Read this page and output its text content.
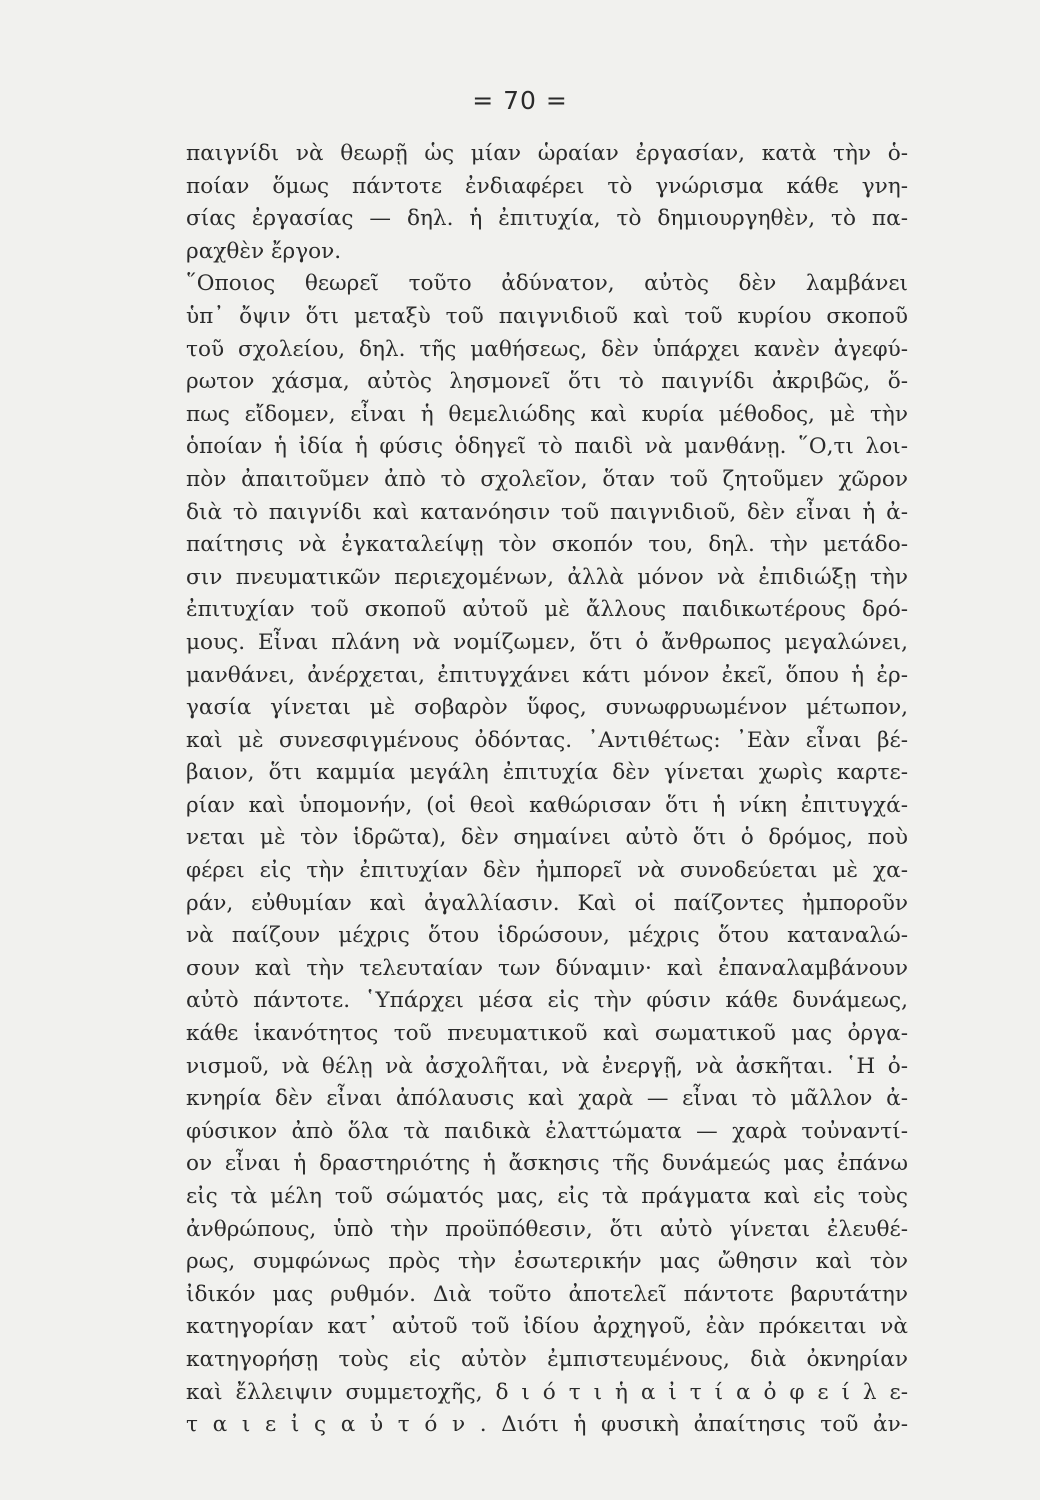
= 70 =
παιγνίδι νὰ θεωρῇ ὡς μίαν ὡραίαν ἐργασίαν, κατὰ τὴν ὁ-
ποίαν ὅμως πάντοτε ἐνδιαφέρει τὸ γνώρισμα κάθε γνη-
σίας ἐργασίας — δηλ. ἡ ἐπιτυχία, τὸ δημιουργηθὲν, τὸ πα-
ραχθὲν ἔργον.
῞Οποιος θεωρεῖ τοῦτο ἀδύνατον, αὐτὸς δὲν λαμβάνει
ὑπ᾿ ὄψιν ὅτι μεταξὺ τοῦ παιγνιδιοῦ καὶ τοῦ κυρίου σκοποῦ
τοῦ σχολείου, δηλ. τῆς μαθήσεως, δὲν ὑπάρχει κανὲν ἀγεφύ-
ρωτον χάσμα, αὐτὸς λησμονεῖ ὅτι τὸ παιγνίδι ἀκριβῶς, ὅ-
πως εἴδομεν, εἶναι ἡ θεμελιώδης καὶ κυρία μέθοδος, μὲ τὴν
ὁποίαν ἡ ἰδία ἡ φύσις ὁδηγεῖ τὸ παιδὶ νὰ μανθάνῃ. ῞Ο,τι λοι-
πὸν ἀπαιτοῦμεν ἀπὸ τὸ σχολεῖον, ὅταν τοῦ ζητοῦμεν χῶρον
διὰ τὸ παιγνίδι καὶ κατανόησιν τοῦ παιγνιδιοῦ, δὲν εἶναι ἡ ἀ-
παίτησις νὰ ἐγκαταλείψῃ τὸν σκοπόν του, δηλ. τὴν μετάδο-
σιν πνευματικῶν περιεχομένων, ἀλλὰ μόνον νὰ ἐπιδιώξῃ τὴν
ἐπιτυχίαν τοῦ σκοποῦ αὐτοῦ μὲ ἄλλους παιδικωτέρους δρό-
μους. Εἶναι πλάνη νὰ νομίζωμεν, ὅτι ὁ ἄνθρωπος μεγαλώνει,
μανθάνει, ἀνέρχεται, ἐπιτυγχάνει κάτι μόνον ἐκεῖ, ὅπου ἡ ἐρ-
γασία γίνεται μὲ σοβαρὸν ὕφος, συνωφρυωμένον μέτωπον,
καὶ μὲ συνεσφιγμένους ὀδόντας. ᾿Αντιθέτως: ᾿Εὰν εἶναι βέ-
βαιον, ὅτι καμμία μεγάλη ἐπιτυχία δὲν γίνεται χωρὶς καρτε-
ρίαν καὶ ὑπομονήν, (οἱ θεοὶ καθώρισαν ὅτι ἡ νίκη ἐπιτυγχά-
νεται μὲ τὸν ἱδρῶτα), δὲν σημαίνει αὐτὸ ὅτι ὁ δρόμος, ποὺ
φέρει εἰς τὴν ἐπιτυχίαν δὲν ἠμπορεῖ νὰ συνοδεύεται μὲ χα-
ράν, εὐθυμίαν καὶ ἀγαλλίασιν. Καὶ οἱ παίζοντες ἠμποροῦν
νὰ παίζουν μέχρις ὅτου ἱδρώσουν, μέχρις ὅτου καταναλώ-
σουν καὶ τὴν τελευταίαν των δύναμιν· καὶ ἐπαναλαμβάνουν
αὐτὸ πάντοτε. ῾Υπάρχει μέσα εἰς τὴν φύσιν κάθε δυνάμεως,
κάθε ἱκανότητος τοῦ πνευματικοῦ καὶ σωματικοῦ μας ὀργα-
νισμοῦ, νὰ θέλῃ νὰ ἀσχολῆται, νὰ ἐνεργῇ, νὰ ἀσκῆται. ῾Η ὀ-
κνηρία δὲν εἶναι ἀπόλαυσις καὶ χαρὰ — εἶναι τὸ μᾶλλον ἀ-
φύσικον ἀπὸ ὅλα τὰ παιδικὰ ἐλαττώματα — χαρὰ τοὐναντί-
ον εἶναι ἡ δραστηριότης ἡ ἄσκησις τῆς δυνάμεώς μας ἐπάνω
εἰς τὰ μέλη τοῦ σώματός μας, εἰς τὰ πράγματα καὶ εἰς τοὺς
ἀνθρώπους, ὑπὸ τὴν προϋπόθεσιν, ὅτι αὐτὸ γίνεται ἐλευθέ-
ρως, συμφώνως πρὸς τὴν ἐσωτερικήν μας ὤθησιν καὶ τὸν
ἰδικόν μας ρυθμόν. Διὰ τοῦτο ἀποτελεῖ πάντοτε βαρυτάτην
κατηγορίαν κατ᾿ αὐτοῦ τοῦ ἰδίου ἀρχηγοῦ, ἐὰν πρόκειται νὰ
κατηγορήσῃ τοὺς εἰς αὐτὸν ἐμπιστευμένους, διὰ ὀκνηρίαν
καὶ ἔλλειψιν συμμετοχῆς, δ ι ό τ ι ἡ α ἰ τ ί α ὀ φ ε ί λ ε-
τ α ι ε ἰ ς α ὐ τ ό ν . Διότι ἡ φυσικὴ ἀπαίτησις τοῦ ἀν-
